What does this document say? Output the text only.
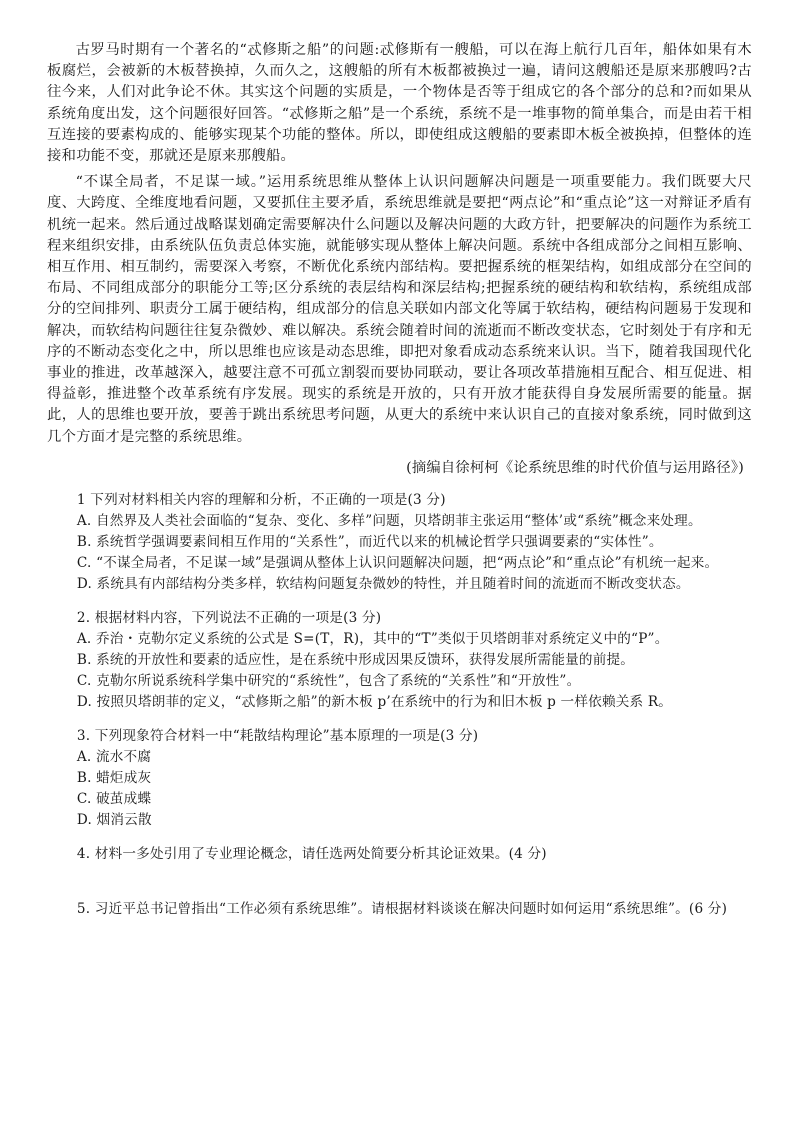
古罗马时期有一个著名的“忒修斯之船”的问题:忒修斯有一艘船，可以在海上航行几百年，船体如果有木板腐烂，会被新的木板替换掉，久而久之，这艘船的所有木板都被换过一遍，请问这艘船还是原来那艘吗?古往今来，人们对此争论不休。其实这个问题的实质是，一个物体是否等于组成它的各个部分的总和?而如果从系统角度出发，这个问题很好回答。“忒修斯之船”是一个系统，系统不是一堆事物的简单集合，而是由若干相互连接的要素构成的、能够实现某个功能的整体。所以，即使组成这艘船的要素即木板全被换掉，但整体的连接和功能不变，那就还是原来那艘船。

“不谋全局者，不足谋一域。”运用系统思维从整体上认识问题解决问题是一项重要能力。我们既要大尺度、大跨度、全维度地看问题，又要抓住主要矛盾，系统思维就是要把“两点论”和“重点论”这一对辩证矛盾有机统一起来。然后通过战略谋划确定需要解决什么问题以及解决问题的大政方针，把要解决的问题作为系统工程来组织安排，由系统队伍负责总体实施，就能够实现从整体上解决问题。系统中各组成部分之间相互影响、相互作用、相互制约，需要深入考察，不断优化系统内部结构。要把握系统的框架结构，如组成部分在空间的布局、不同组成部分的职能分工等;区分系统的表层结构和深层结构;把握系统的硬结构和软结构，系统组成部分的空间排列、职责分工属于硬结构，组成部分的信息关联如内部文化等属于软结构，硬结构问题易于发现和解决，而软结构问题往往复杂微妙、难以解决。系统会随着时间的流逝而不断改变状态，它时刻处于有序和无序的不断动态变化之中，所以思维也应该是动态思维，即把对象看成动态系统来认识。当下，随着我国现代化事业的推进，改革越深入，越要注意不可孤立割裂而要协同联动，要让各项改革措施相互配合、相互促进、相得益彰，推进整个改革系统有序发展。现实的系统是开放的，只有开放才能获得自身发展所需要的能量。据此，人的思维也要开放，要善于跳出系统思考问题，从更大的系统中来认识自己的直接对象系统，同时做到这几个方面才是完整的系统思维。

(摘编自徐柯柯《论系统思维的时代价值与运用路径》)

1 下列对材料相关内容的理解和分析，不正确的一项是(3 分)

A. 自然界及人类社会面临的“复杂、变化、多样”问题，贝塔朗菲主张运用“整体’或“系统”概念来处理。

B. 系统哲学强调要素间相互作用的“关系性”，而近代以来的机械论哲学只强调要素的“实体性”。

C. “不谋全局者，不足谋一域”是强调从整体上认识问题解决问题，把“两点论”和“重点论”有机统一起来。

D. 系统具有内部结构分类多样，软结构问题复杂微妙的特性，并且随着时间的流逝而不断改变状态。

2. 根据材料内容，下列说法不正确的一项是(3 分)

A. 乔治・克勒尔定义系统的公式是 S=(T，R)，其中的“T”类似于贝塔朗菲对系统定义中的“P”。

B. 系统的开放性和要素的适应性，是在系统中形成因果反馈环，获得发展所需能量的前提。

C. 克勒尔所说系统科学集中研究的“系统性”，包含了系统的“关系性”和“开放性”。

D. 按照贝塔朗菲的定义，“忒修斯之船”的新木板 p’在系统中的行为和旧木板 p 一样依赖关系 R。

3. 下列现象符合材料一中“耗散结构理论”基本原理的一项是(3 分)

A. 流水不腐

B. 蜡炬成灰

C. 破茧成蝶

D. 烟消云散

4. 材料一多处引用了专业理论概念，请任选两处简要分析其论证效果。(4 分)

5. 习近平总书记曾指出“工作必须有系统思维”。请根据材料谈谈在解决问题时如何运用“系统思维”。(6 分)
